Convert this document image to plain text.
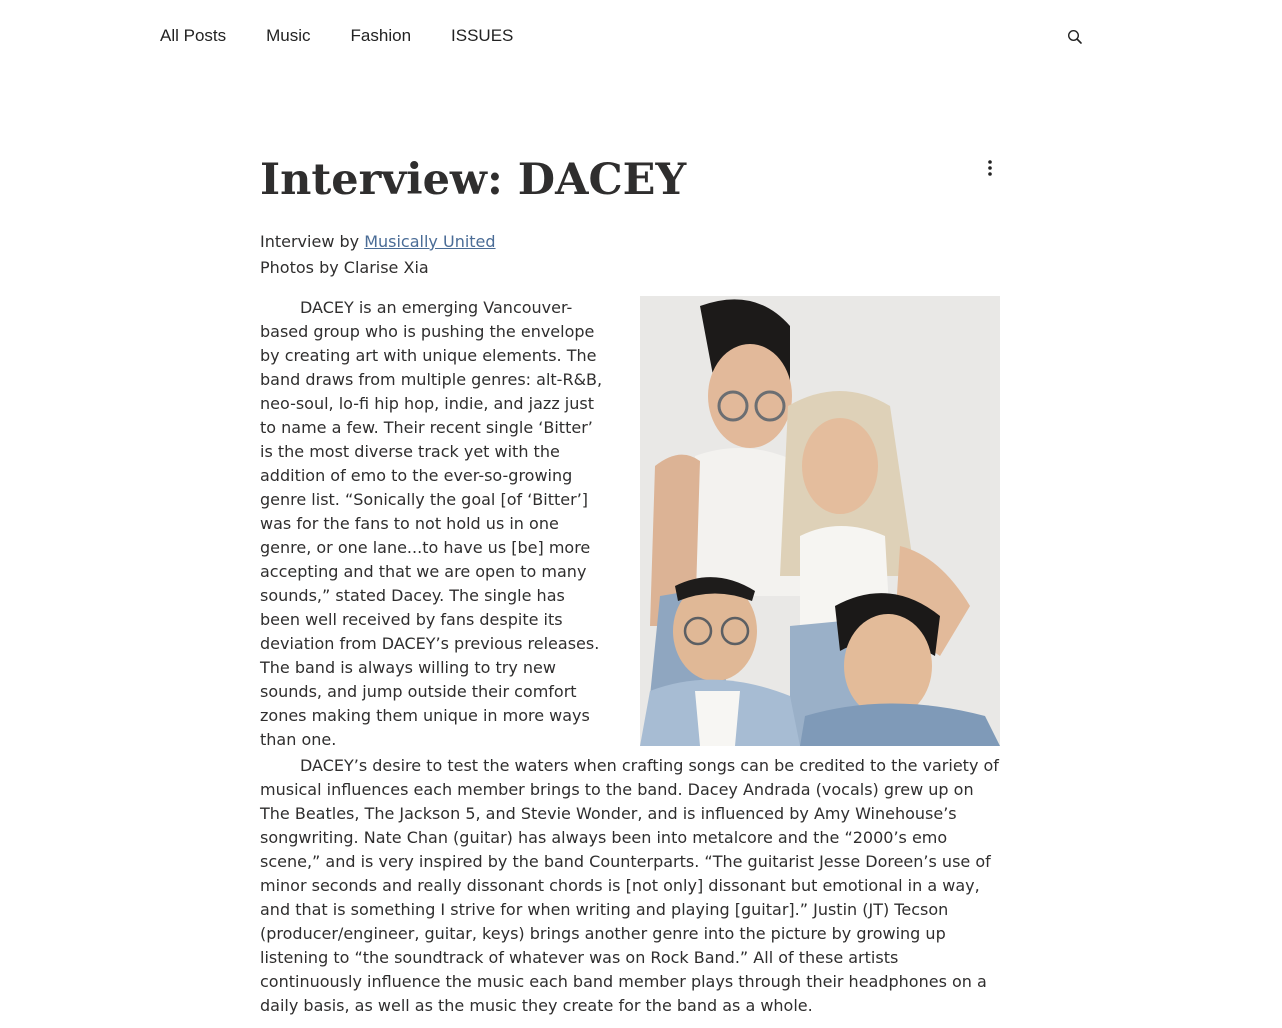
All Posts Music Fashion ISSUES
Interview: DACEY
Interview by Musically United
Photos by Clarise Xia

DACEY is an emerging Vancouver-based group who is pushing the envelope by creating art with unique elements. The band draws from multiple genres: alt-R&B, neo-soul, lo-fi hip hop, indie, and jazz just to name a few. Their recent single ‘Bitter’ is the most diverse track yet with the addition of emo to the ever-so-growing genre list. “Sonically the goal [of ‘Bitter’] was for the fans to not hold us in one genre, or one lane...to have us [be] more accepting and that we are open to many sounds,” stated Dacey. The single has been well received by fans despite its deviation from DACEY’s previous releases. The band is always willing to try new sounds, and jump outside their comfort zones making them unique in more ways than one.

DACEY’s desire to test the waters when crafting songs can be credited to the variety of musical influences each member brings to the band. Dacey Andrada (vocals) grew up on The Beatles, The Jackson 5, and Stevie Wonder, and is influenced by Amy Winehouse’s songwriting. Nate Chan (guitar) has always been into metalcore and the “2000’s emo scene,” and is very inspired by the band Counterparts. “The guitarist Jesse Doreen’s use of minor seconds and really dissonant chords is [not only] dissonant but emotional in a way, and that is something I strive for when writing and playing [guitar].” Justin (JT) Tecson (producer/engineer, guitar, keys) brings another genre into the picture by growing up listening to “the soundtrack of whatever was on Rock Band.” All of these artists continuously influence the music each band member plays through their headphones on a daily basis, as well as the music they create for the band as a whole.
